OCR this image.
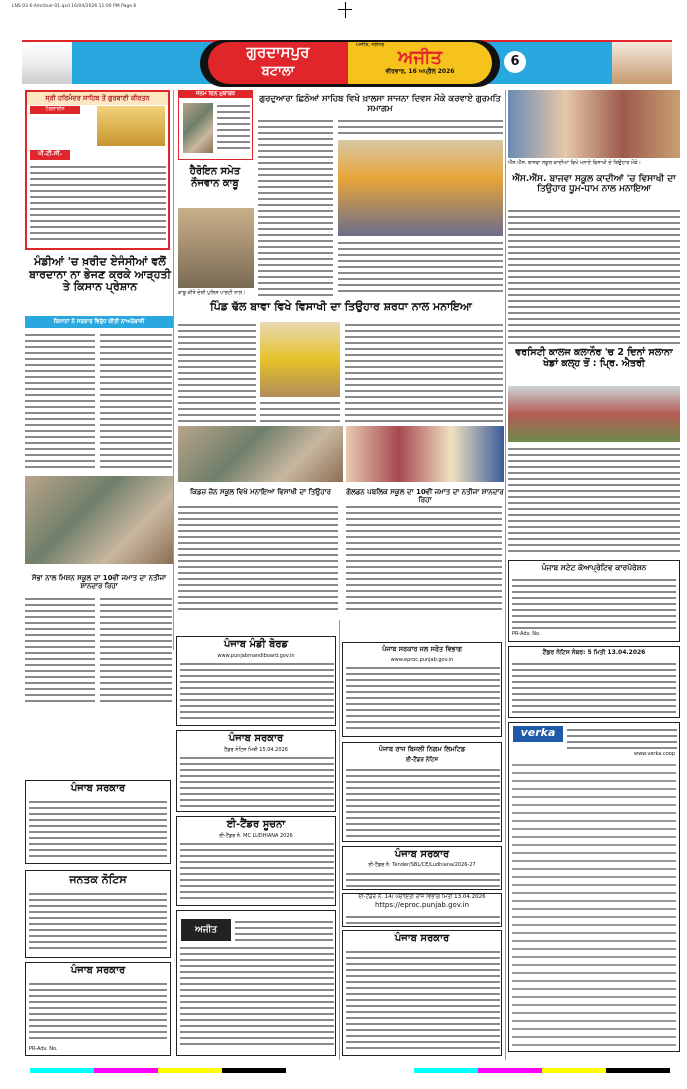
LNS 03 6-Amritsar-01.qxd 16/04/2026 11:00 PM Page 6
ਗੁਰਦਾਸਪੁਰ
ਬਟਾਲਾ
ਅਜੀਤ, ਜਲੰਧਰ
ਅਜੀਤ
ਵੀਰਵਾਰ, 16 ਅਪ੍ਰੈਲ 2026
6
ਸ੍ਰੀ ਹਰਿਮੰਦਰ ਸਾਹਿਬ ਤੋਂ ਗੁਰਬਾਣੀ ਕੀਰਤਨ
ਟੈਗਲਾਈਨ
ਪੀ.ਟੀ.ਸੀ.
ਮੰਡੀਆਂ 'ਚ ਖ਼ਰੀਦ ਏਜੰਸੀਆਂ ਵਲੋਂ ਬਾਰਦਾਨਾ ਨਾ ਭੇਜਣ ਕਰਕੇ ਆੜ੍ਹਤੀ ਤੇ ਕਿਸਾਨ ਪ੍ਰੇਸ਼ਾਨ
ਕਿਸਾਨਾਂ ਨੇ ਸਰਕਾਰ ਵਿਰੁੱਧ ਕੀਤੀ ਨਾਅਰੇਬਾਜ਼ੀ
ਸੋਭਾ ਨਾਲ ਮਿਸ਼ਨ ਸਕੂਲ ਦਾ 10ਵੀਂ ਜਮਾਤ ਦਾ ਨਤੀਜਾ ਸ਼ਾਨਦਾਰ ਰਿਹਾ
ਜਨਮ ਦਿਨ ਮੁਬਾਰਕ
ਹੈਰੋਇਨ ਸਮੇਤ ਨੌਜਵਾਨ ਕਾਬੂ
ਕਾਬੂ ਕੀਤੇ ਦੋਸ਼ੀ ਪੁਲਿਸ ਪਾਰਟੀ ਨਾਲ।
ਗੁਰਦੁਆਰਾ ਛਿਠੋਆਂ ਸਾਹਿਬ ਵਿਖੇ ਖ਼ਾਲਸਾ ਸਾਜਨਾ ਦਿਵਸ ਮੌਕੇ ਕਰਵਾਏ ਗੁਰਮਤਿ ਸਮਾਗਮ
ਪਿੰਡ ਢੱਲ ਬਾਵਾ ਵਿਖੇ ਵਿਸਾਖੀ ਦਾ ਤਿਉਹਾਰ ਸ਼ਰਧਾ ਨਾਲ ਮਨਾਇਆ
ਕਿਡਜ਼ ਜ਼ੋਨ ਸਕੂਲ ਵਿਖੇ ਮਨਾਇਆ ਵਿਸਾਖੀ ਦਾ ਤਿਉਹਾਰ	ਗੋਲਡਨ ਪਬਲਿਕ ਸਕੂਲ ਦਾ 10ਵੀਂ ਜਮਾਤ ਦਾ ਨਤੀਜਾ ਸ਼ਾਨਦਾਰ ਰਿਹਾ
ਐੱਸ.ਐੱਸ. ਬਾਜਵਾ ਸਕੂਲ ਕਾਦੀਆਂ ਵਿਖੇ ਮਨਾਏ ਵਿਸਾਖੀ ਦੇ ਤਿਉਹਾਰ ਮੌਕੇ।
ਐੱਸ.ਐੱਸ. ਬਾਜਵਾ ਸਕੂਲ ਕਾਦੀਆਂ 'ਚ ਵਿਸਾਖੀ ਦਾ ਤਿਉਹਾਰ ਧੂਮ-ਧਾਮ ਨਾਲ ਮਨਾਇਆ
ਵਰਸਿਟੀ ਕਾਲਜ ਕਲਾਨੌਰ 'ਚ 2 ਦਿਨਾਂ ਸਲਾਨਾ ਖੇਡਾਂ ਕਲ੍ਹ ਤੋਂ : ਪ੍ਰਿ. ਐਤਰੀ
ਪੰਜਾਬ ਸਟੇਟ ਕੋਆਪ੍ਰੇਟਿਵ ਕਾਰਪੋਰੇਸ਼ਨ
PR-Adv. No.
ਟੈਂਡਰ ਨੋਟਿਸ ਨੰਬਰ: 5 ਮਿਤੀ 13.04.2026
verka
www.verka.coop
ਪੰਜਾਬ ਸਰਕਾਰ ਜਲ ਸਰੋਤ ਵਿਭਾਗ
www.eproc.punjab.gov.in
ਪੰਜਾਬ ਰਾਜ ਬਿਜਲੀ ਨਿਗਮ ਲਿਮਟਿਡ
ਈ-ਟੈਂਡਰ ਨੋਟਿਸ
ਪੰਜਾਬ ਸਰਕਾਰ
ਈ-ਟੈਂਡਰ ਨੰ. Tender/SBL/CE/Ludhiana/2026-27
ਈ-ਟੈਂਡਰ ਨੰ. 14/ ਪੰਚਾਇਤੀ ਰਾਜ ਵਿਭਾਗ ਮਿਤੀ 13.04.2026
https://eproc.punjab.gov.in
ਪੰਜਾਬ ਸਰਕਾਰ
ਪੰਜਾਬ ਮੰਡੀ ਬੋਰਡ
www.punjabmandiboard.gov.in
ਪੰਜਾਬ ਸਰਕਾਰ
ਟੈਂਡਰ ਨੋਟਿਸ ਮਿਤੀ 15.04.2026
ਈ-ਟੈਂਡਰ ਸੂਚਨਾ
ਈ-ਟੈਂਡਰ ਨੰ. MC LUDHIANA 2026
ਅਜੀਤ
ਪੰਜਾਬ ਸਰਕਾਰ
ਜਨਤਕ ਨੋਟਿਸ
ਪੰਜਾਬ ਸਰਕਾਰ
PR-Adv. No.
